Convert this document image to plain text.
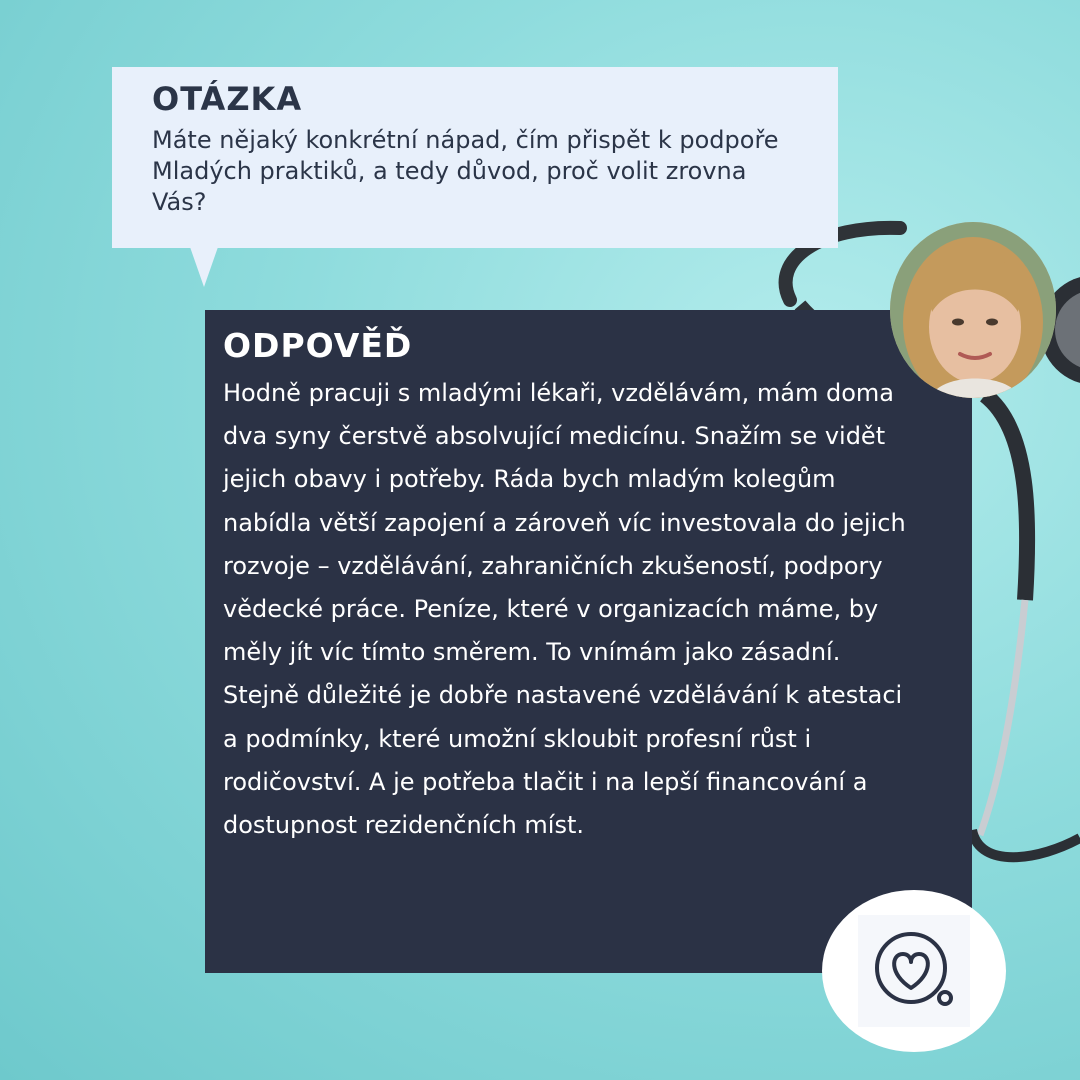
OTÁZKA

Máte nějaký konkrétní nápad, čím přispět k podpoře Mladých praktiků, a tedy důvod, proč volit zrovna Vás?

ODPOVĚĎ

Hodně pracuji s mladými lékaři, vzdělávám, mám doma dva syny čerstvě absolvující medicínu. Snažím se vidět jejich obavy i potřeby. Ráda bych mladým kolegům nabídla větší zapojení a zároveň víc investovala do jejich rozvoje – vzdělávání, zahraničních zkušeností, podpory vědecké práce. Peníze, které v organizacích máme, by měly jít víc tímto směrem. To vnímám jako zásadní. Stejně důležité je dobře nastavené vzdělávání k atestaci a podmínky, které umožní skloubit profesní růst i rodičovství. A je potřeba tlačit i na lepší financování a dostupnost rezidenčních míst.
